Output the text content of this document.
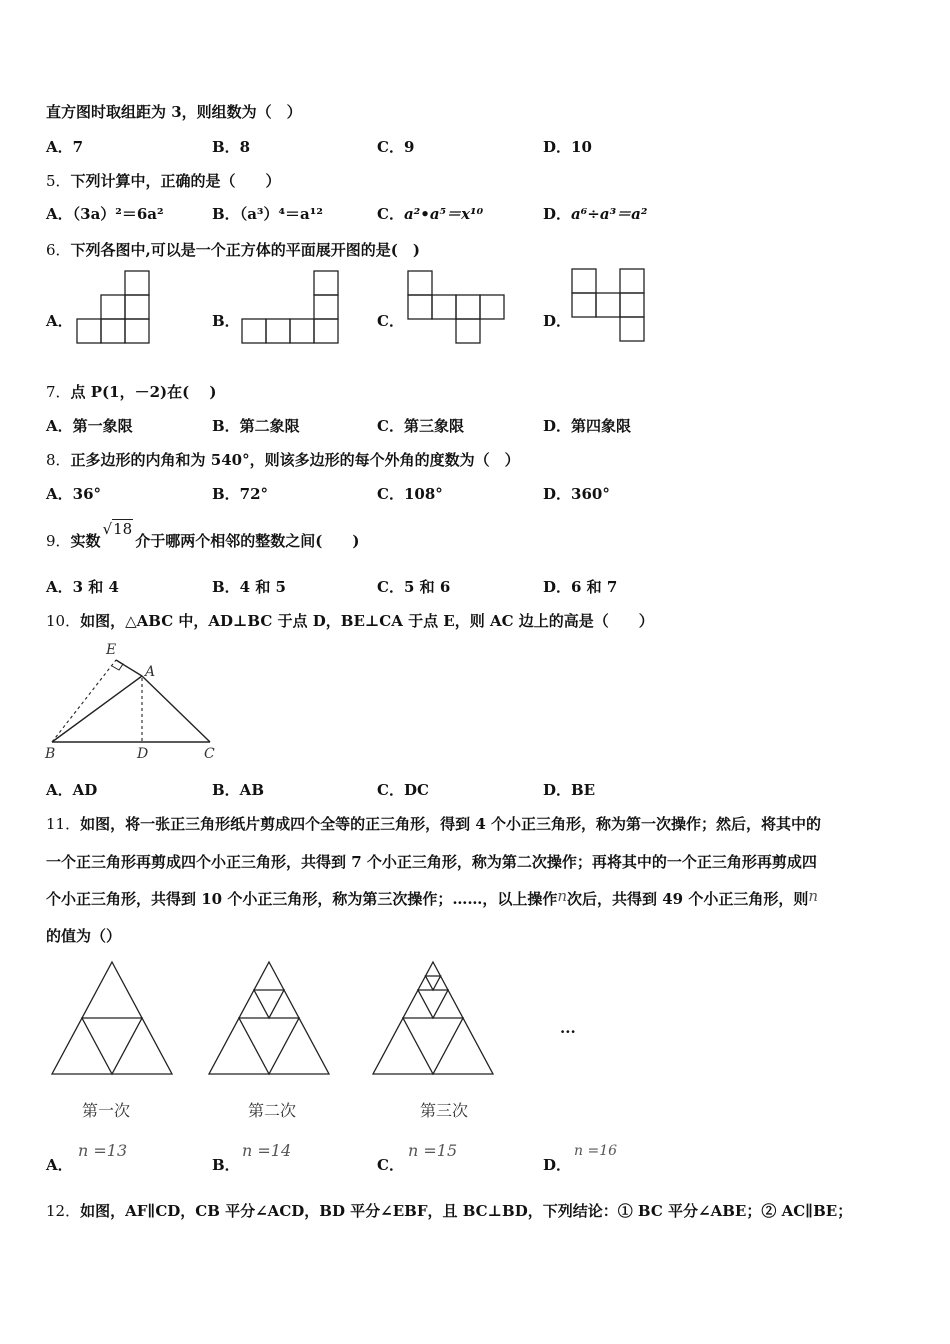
直方图时取组距为 3，则组数为（　）
A．7	B．8	C．9	D．10
5．下列计算中，正确的是（　　）
A．（3a）²＝6a²	B．（a³）⁴＝a¹²	C．a²•a⁵＝x¹⁰	D．a⁶÷a³＝a²
6．下列各图中,可以是一个正方体的平面展开图的是(　)
A．	B．	C．	D．
7．点 P(1，－2)在(　 )
A．第一象限	B．第二象限	C．第三象限	D．第四象限
8．正多边形的内角和为 540°，则该多边形的每个外角的度数为（　）
A．36°	B．72°	C．108°	D．360°
9．实数√18介于哪两个相邻的整数之间(　　)
A．3 和 4	B．4 和 5	C．5 和 6	D．6 和 7
10．如图，△ABC 中，AD⊥BC 于点 D，BE⊥CA 于点 E，则 AC 边上的高是（　　）
E
A
B	D	C
A．AD	B．AB	C．DC	D．BE
11．如图，将一张正三角形纸片剪成四个全等的正三角形，得到 4 个小正三角形，称为第一次操作；然后，将其中的
一个正三角形再剪成四个小正三角形，共得到 7 个小正三角形，称为第二次操作；再将其中的一个正三角形再剪成四
个小正三角形，共得到 10 个小正三角形，称为第三次操作；……，以上操作n次后，共得到 49 个小正三角形，则n
的值为（）
第一次	第二次	第三次
...
A．
n =13
B．
n =14
C．
n =15
D．
n =16
12．如图，AF∥CD，CB 平分∠ACD，BD 平分∠EBF，且 BC⊥BD，下列结论：① BC 平分∠ABE；② AC∥BE；
